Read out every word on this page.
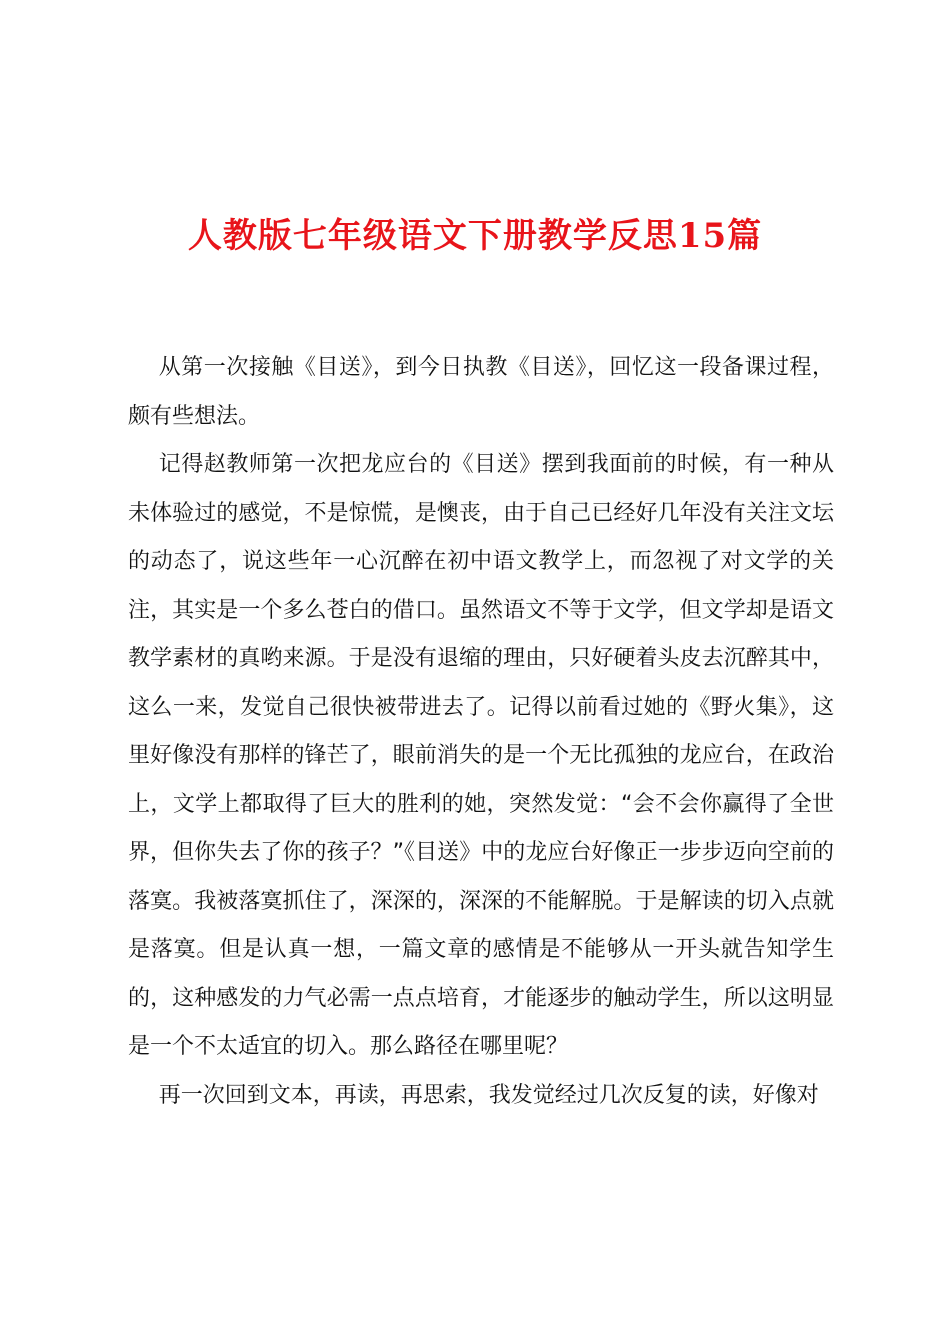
人教版七年级语文下册教学反思15篇

从第一次接触《目送》，到今日执教《目送》，回忆这一段备课过程，颇有些想法。

记得赵教师第一次把龙应台的《目送》摆到我面前的时候，有一种从未体验过的感觉，不是惊慌，是懊丧，由于自己已经好几年没有关注文坛的动态了，说这些年一心沉醉在初中语文教学上，而忽视了对文学的关注，其实是一个多么苍白的借口。虽然语文不等于文学，但文学却是语文教学素材的真哟来源。于是没有退缩的理由，只好硬着头皮去沉醉其中，这么一来，发觉自己很快被带进去了。记得以前看过她的《野火集》，这里好像没有那样的锋芒了，眼前消失的是一个无比孤独的龙应台，在政治上，文学上都取得了巨大的胜利的她，突然发觉：“会不会你赢得了全世界，但你失去了你的孩子？”《目送》中的龙应台好像正一步步迈向空前的落寞。我被落寞抓住了，深深的，深深的不能解脱。于是解读的切入点就是落寞。但是认真一想，一篇文章的感情是不能够从一开头就告知学生的，这种感发的力气必需一点点培育，才能逐步的触动学生，所以这明显是一个不太适宜的切入。那么路径在哪里呢？

再一次回到文本，再读，再思索，我发觉经过几次反复的读，好像对
